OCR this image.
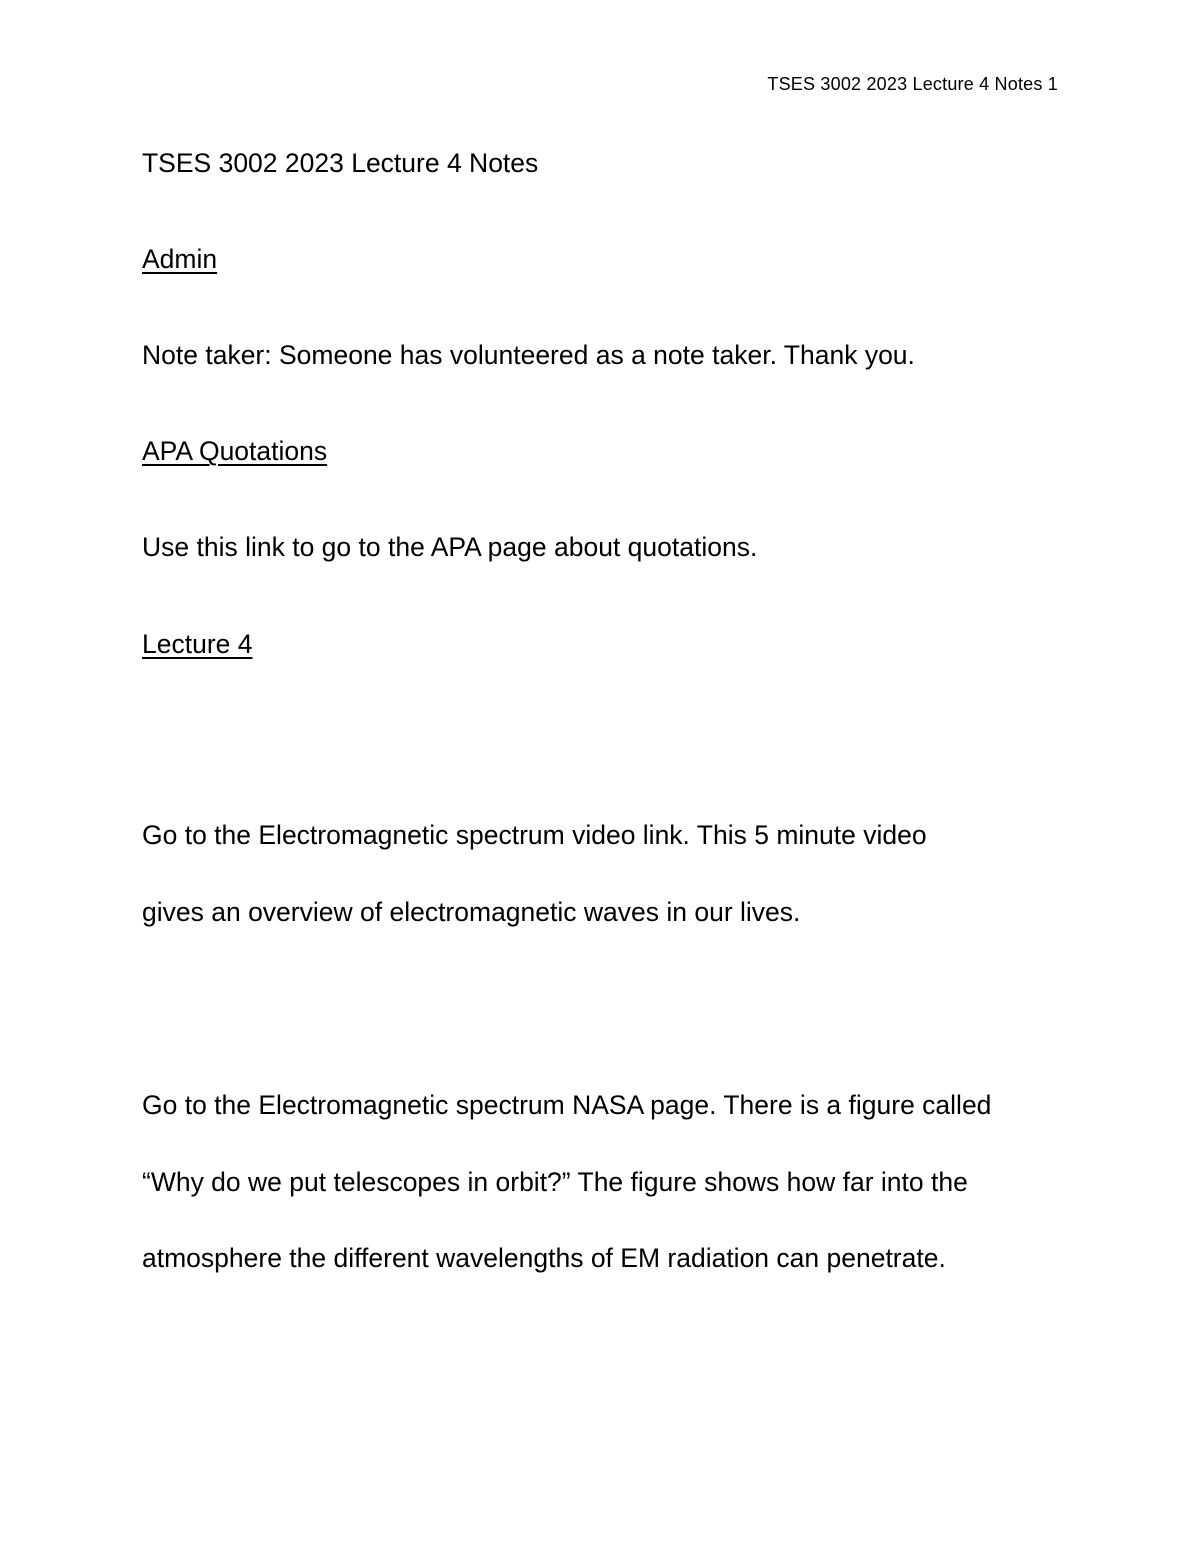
TSES 3002 2023 Lecture 4 Notes 1
TSES 3002 2023 Lecture 4 Notes
Admin
Note taker: Someone has volunteered as a note taker. Thank you.
APA Quotations
Use this link to go to the APA page about quotations.
Lecture 4
Go to the Electromagnetic spectrum video link. This 5 minute video
gives an overview of electromagnetic waves in our lives.
Go to the Electromagnetic spectrum NASA page. There is a figure called
“Why do we put telescopes in orbit?” The figure shows how far into the
atmosphere the different wavelengths of EM radiation can penetrate.
